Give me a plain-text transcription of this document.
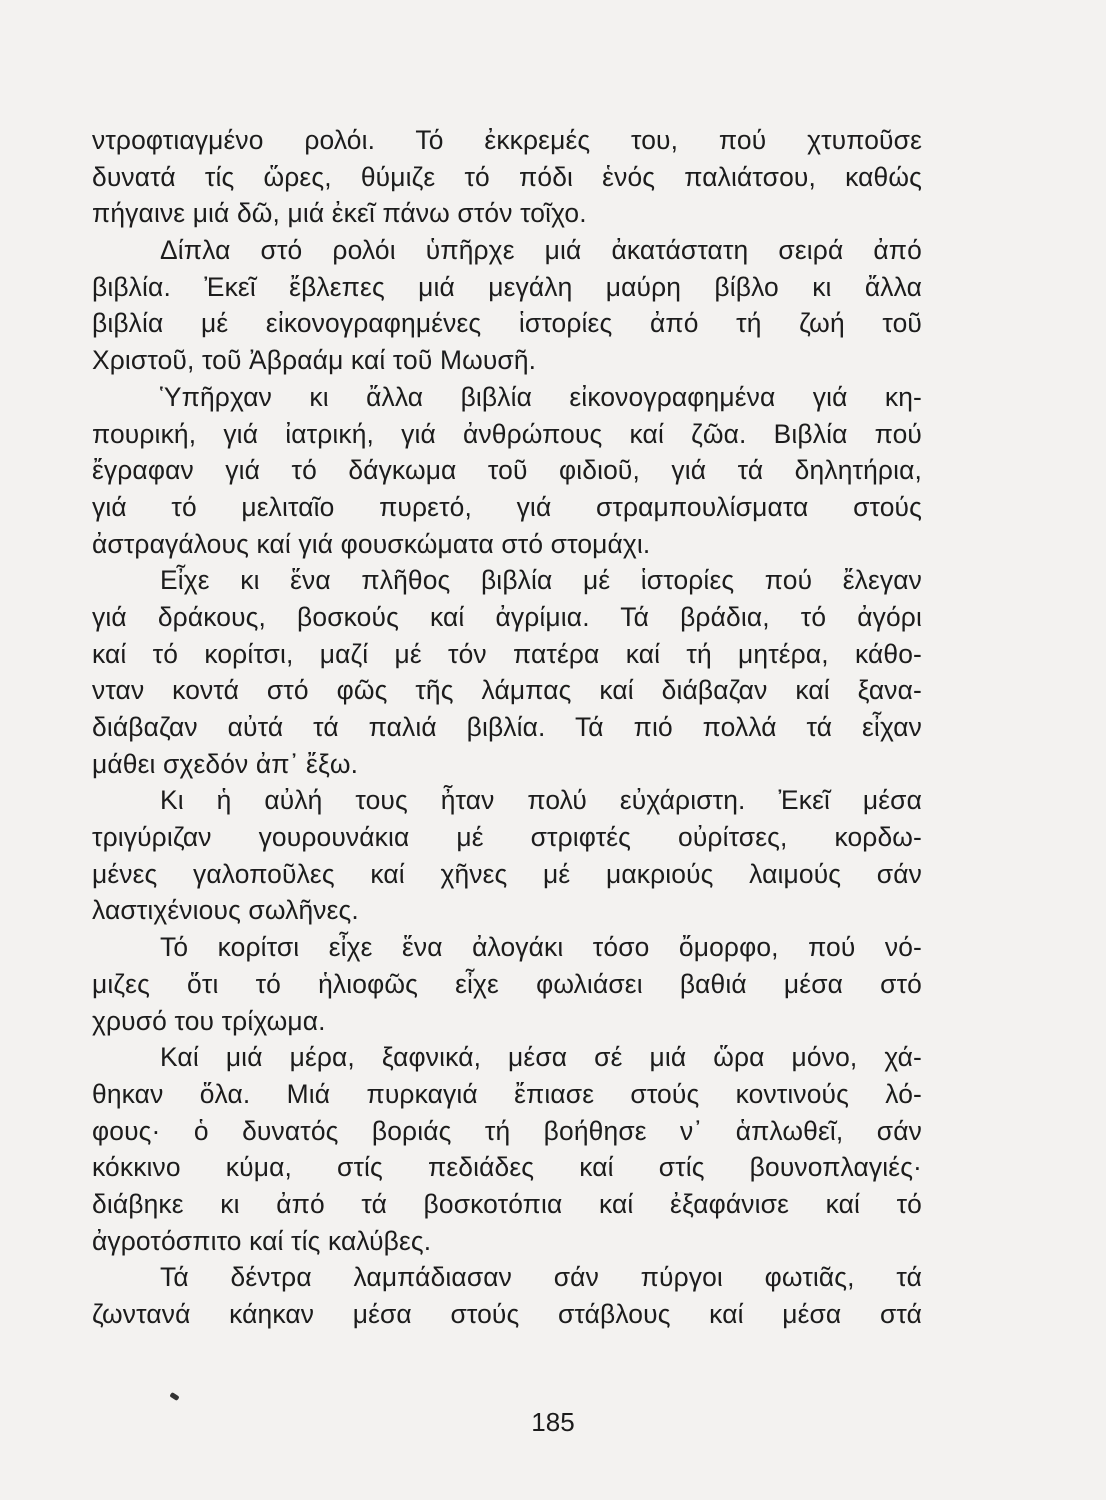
ντροφτιαγμένο ρολόι. Τό ἐκκρεμές του, πού χτυποῦσε
δυνατά τίς ὥρες, θύμιζε τό πόδι ἑνός παλιάτσου, καθώς
πήγαινε μιά δῶ, μιά ἐκεῖ πάνω στόν τοῖχο.
Δίπλα στό ρολόι ὑπῆρχε μιά ἀκατάστατη σειρά ἀπό
βιβλία. Ἐκεῖ ἔβλεπες μιά μεγάλη μαύρη βίβλο κι ἄλλα
βιβλία μέ εἰκονογραφημένες ἱστορίες ἀπό τή ζωή τοῦ
Χριστοῦ, τοῦ Ἀβραάμ καί τοῦ Μωυσῆ.
Ὑπῆρχαν κι ἄλλα βιβλία εἰκονογραφημένα γιά κη-
πουρική, γιά ἰατρική, γιά ἀνθρώπους καί ζῶα. Βιβλία πού
ἔγραφαν γιά τό δάγκωμα τοῦ φιδιοῦ, γιά τά δηλητήρια,
γιά τό μελιταῖο πυρετό, γιά στραμπουλίσματα στούς
ἀστραγάλους καί γιά φουσκώματα στό στομάχι.
Εἶχε κι ἕνα πλῆθος βιβλία μέ ἱστορίες πού ἔλεγαν
γιά δράκους, βοσκούς καί ἀγρίμια. Τά βράδια, τό ἀγόρι
καί τό κορίτσι, μαζί μέ τόν πατέρα καί τή μητέρα, κάθο-
νταν κοντά στό φῶς τῆς λάμπας καί διάβαζαν καί ξανα-
διάβαζαν αὐτά τά παλιά βιβλία. Τά πιό πολλά τά εἶχαν
μάθει σχεδόν ἀπ᾽ ἔξω.
Κι ἡ αὐλή τους ἦταν πολύ εὐχάριστη. Ἐκεῖ μέσα
τριγύριζαν γουρουνάκια μέ στριφτές οὐρίτσες, κορδω-
μένες γαλοποῦλες καί χῆνες μέ μακριούς λαιμούς σάν
λαστιχένιους σωλῆνες.
Τό κορίτσι εἶχε ἕνα ἀλογάκι τόσο ὄμορφο, πού νό-
μιζες ὅτι τό ἡλιοφῶς εἶχε φωλιάσει βαθιά μέσα στό
χρυσό του τρίχωμα.
Καί μιά μέρα, ξαφνικά, μέσα σέ μιά ὥρα μόνο, χά-
θηκαν ὅλα. Μιά πυρκαγιά ἔπιασε στούς κοντινούς λό-
φους· ὁ δυνατός βοριάς τή βοήθησε ν᾽ ἁπλωθεῖ, σάν
κόκκινο κύμα, στίς πεδιάδες καί στίς βουνοπλαγιές·
διάβηκε κι ἀπό τά βοσκοτόπια καί ἐξαφάνισε καί τό
ἀγροτόσπιτο καί τίς καλύβες.
Τά δέντρα λαμπάδιασαν σάν πύργοι φωτιᾶς, τά
ζωντανά κάηκαν μέσα στούς στάβλους καί μέσα στά
185
